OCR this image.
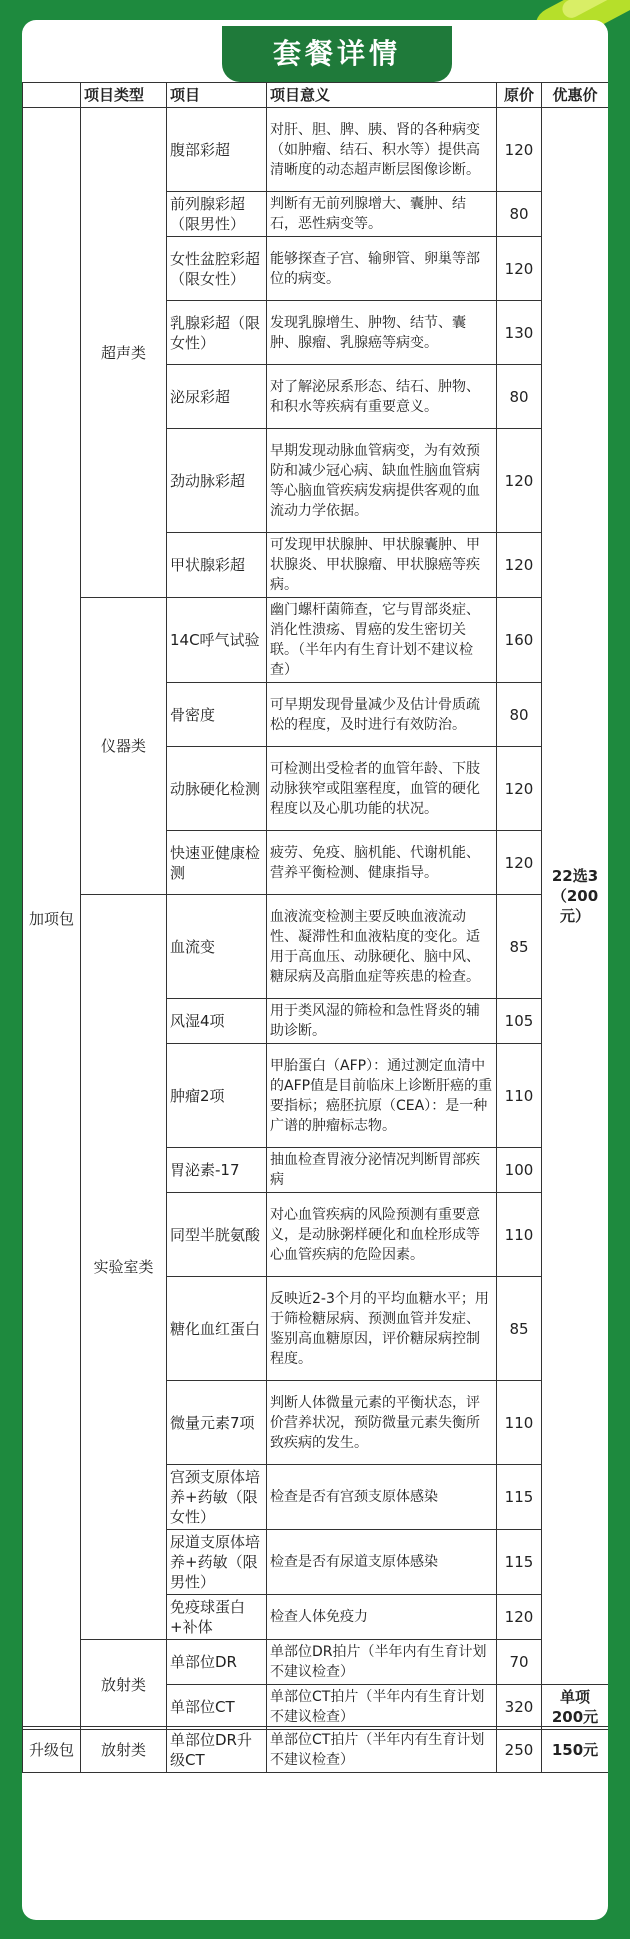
套餐详情
	项目类型	项目	项目意义	原价	优惠价
加项包	超声类	腹部彩超	对肝、胆、脾、胰、肾的各种病变（如肿瘤、结石、积水等）提供高清晰度的动态超声断层图像诊断。	120	22选3（200元）
		前列腺彩超（限男性）	判断有无前列腺增大、囊肿、结石，恶性病变等。	80	
		女性盆腔彩超（限女性）	能够探查子宫、输卵管、卵巢等部位的病变。	120	
		乳腺彩超（限女性）	发现乳腺增生、肿物、结节、囊肿、腺瘤、乳腺癌等病变。	130	
		泌尿彩超	对了解泌尿系形态、结石、肿物、和积水等疾病有重要意义。	80	
		劲动脉彩超	早期发现动脉血管病变，为有效预防和减少冠心病、缺血性脑血管病等心脑血管疾病发病提供客观的血流动力学依据。	120	
		甲状腺彩超	可发现甲状腺肿、甲状腺囊肿、甲状腺炎、甲状腺瘤、甲状腺癌等疾病。	120	
	仪器类	14C呼气试验	幽门螺杆菌筛查，它与胃部炎症、消化性溃疡、胃癌的发生密切关联。（半年内有生育计划不建议检查）	160	
		骨密度	可早期发现骨量减少及估计骨质疏松的程度，及时进行有效防治。	80	
		动脉硬化检测	可检测出受检者的血管年龄、下肢动脉狭窄或阻塞程度，血管的硬化程度以及心肌功能的状况。	120	
		快速亚健康检测	疲劳、免疫、脑机能、代谢机能、营养平衡检测、健康指导。	120	
	实验室类	血流变	血液流变检测主要反映血液流动性、凝滞性和血液粘度的变化。适用于高血压、动脉硬化、脑中风、糖尿病及高脂血症等疾患的检查。	85	
		风湿4项	用于类风湿的筛检和急性肾炎的辅助诊断。	105	
		肿瘤2项	甲胎蛋白（AFP）：通过测定血清中的AFP值是目前临床上诊断肝癌的重要指标；癌胚抗原（CEA）：是一种广谱的肿瘤标志物。	110	
		胃泌素-17	抽血检查胃液分泌情况判断胃部疾病	100	
		同型半胱氨酸	对心血管疾病的风险预测有重要意义，是动脉粥样硬化和血栓形成等心血管疾病的危险因素。	110	
		糖化血红蛋白	反映近2-3个月的平均血糖水平；用于筛检糖尿病、预测血管并发症、鉴别高血糖原因，评价糖尿病控制程度。	85	
		微量元素7项	判断人体微量元素的平衡状态，评价营养状况，预防微量元素失衡所致疾病的发生。	110	
		宫颈支原体培养+药敏（限女性）	检查是否有宫颈支原体感染	115	
		尿道支原体培养+药敏（限男性）	检查是否有尿道支原体感染	115	
		免疫球蛋白+补体	检查人体免疫力	120	
	放射类	单部位DR	单部位DR拍片（半年内有生育计划不建议检查）	70	
		单部位CT	单部位CT拍片（半年内有生育计划不建议检查）	320	单项200元
升级包	放射类	单部位DR升级CT	单部位CT拍片（半年内有生育计划不建议检查）	250	150元
